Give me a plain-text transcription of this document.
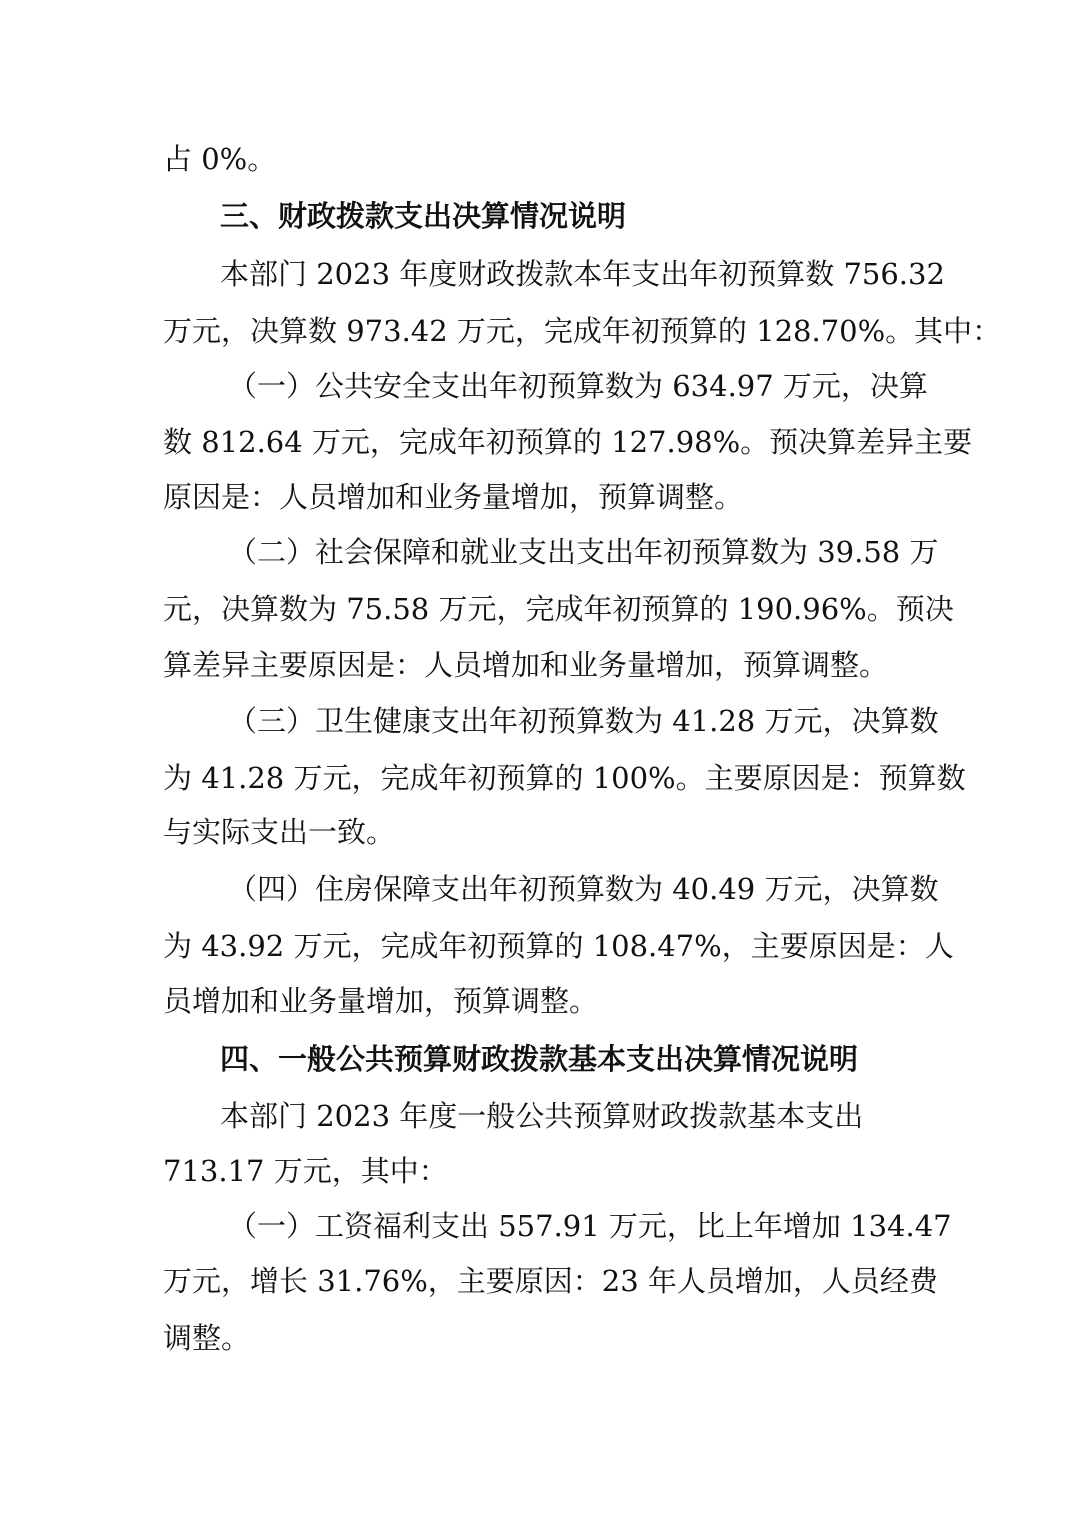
占 0%。
三、财政拨款支出决算情况说明
本部门 2023 年度财政拨款本年支出年初预算数 756.32
万元，决算数 973.42 万元，完成年初预算的 128.70%。其中：
（一）公共安全支出年初预算数为 634.97 万元，决算
数 812.64 万元，完成年初预算的 127.98%。预决算差异主要
原因是：人员增加和业务量增加，预算调整。
（二）社会保障和就业支出支出年初预算数为 39.58 万
元，决算数为 75.58 万元，完成年初预算的 190.96%。预决
算差异主要原因是：人员增加和业务量增加，预算调整。
（三）卫生健康支出年初预算数为 41.28 万元，决算数
为 41.28 万元，完成年初预算的 100%。主要原因是：预算数
与实际支出一致。
（四）住房保障支出年初预算数为 40.49 万元，决算数
为 43.92 万元，完成年初预算的 108.47%，主要原因是：人
员增加和业务量增加，预算调整。
四、一般公共预算财政拨款基本支出决算情况说明
本部门 2023 年度一般公共预算财政拨款基本支出
713.17 万元，其中：
（一）工资福利支出 557.91 万元，比上年增加 134.47
万元，增长 31.76%，主要原因：23 年人员增加，人员经费
调整。
